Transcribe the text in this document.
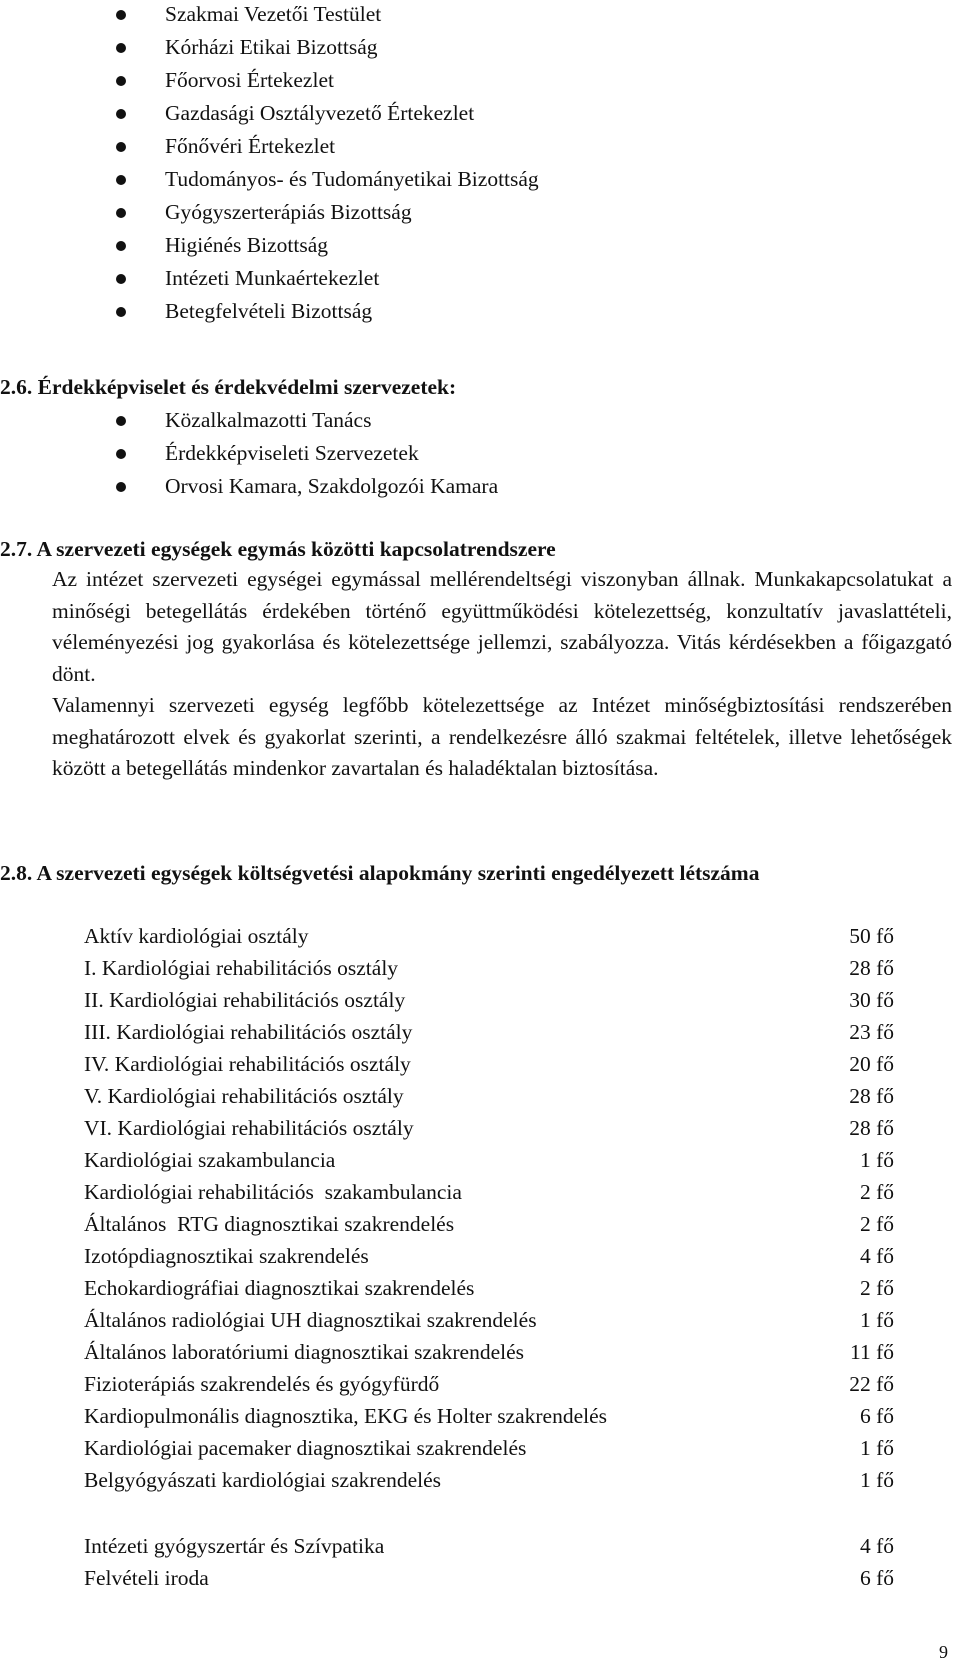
Szakmai Vezetői Testület
Kórházi Etikai Bizottság
Főorvosi Értekezlet
Gazdasági Osztályvezető Értekezlet
Főnővéri Értekezlet
Tudományos- és Tudományetikai Bizottság
Gyógyszerterápiás Bizottság
Higiénés Bizottság
Intézeti Munkaértekezlet
Betegfelvételi Bizottság
2.6. Érdekképviselet és érdekvédelmi szervezetek:
Közalkalmazotti Tanács
Érdekképviseleti Szervezetek
Orvosi Kamara, Szakdolgozói Kamara
2.7. A szervezeti egységek egymás közötti kapcsolatrendszere

Az intézet szervezeti egységei egymással mellérendeltségi viszonyban állnak. Munkakapcsolatukat a minőségi betegellátás érdekében történő együttműködési kötelezettség, konzultatív javaslattételi, véleményezési jog gyakorlása és kötelezettsége jellemzi, szabályozza. Vitás kérdésekben a főigazgató dönt.

Valamennyi szervezeti egység legfőbb kötelezettsége az Intézet minőségbiztosítási rendszerében meghatározott elvek és gyakorlat szerinti, a rendelkezésre álló szakmai feltételek, illetve lehetőségek között a betegellátás mindenkor zavartalan és haladéktalan biztosítása.

2.8. A szervezeti egységek költségvetési alapokmány szerinti engedélyezett létszáma
Aktív kardiológiai osztály	50 fő
I. Kardiológiai rehabilitációs osztály	28 fő
II. Kardiológiai rehabilitációs osztály	30 fő
III. Kardiológiai rehabilitációs osztály	23 fő
IV. Kardiológiai rehabilitációs osztály	20 fő
V. Kardiológiai rehabilitációs osztály	28 fő
VI. Kardiológiai rehabilitációs osztály	28 fő
Kardiológiai szakambulancia	1 fő
Kardiológiai rehabilitációs  szakambulancia	2 fő
Általános  RTG diagnosztikai szakrendelés	2 fő
Izotópdiagnosztikai szakrendelés	4 fő
Echokardiográfiai diagnosztikai szakrendelés	2 fő
Általános radiológiai UH diagnosztikai szakrendelés	1 fő
Általános laboratóriumi diagnosztikai szakrendelés	11 fő
Fizioterápiás szakrendelés és gyógyfürdő	22 fő
Kardiopulmonális diagnosztika, EKG és Holter szakrendelés	6 fő
Kardiológiai pacemaker diagnosztikai szakrendelés	1 fő
Belgyógyászati kardiológiai szakrendelés	1 fő
Intézeti gyógyszertár és Szívpatika	4 fő
Felvételi iroda	6 fő
9
